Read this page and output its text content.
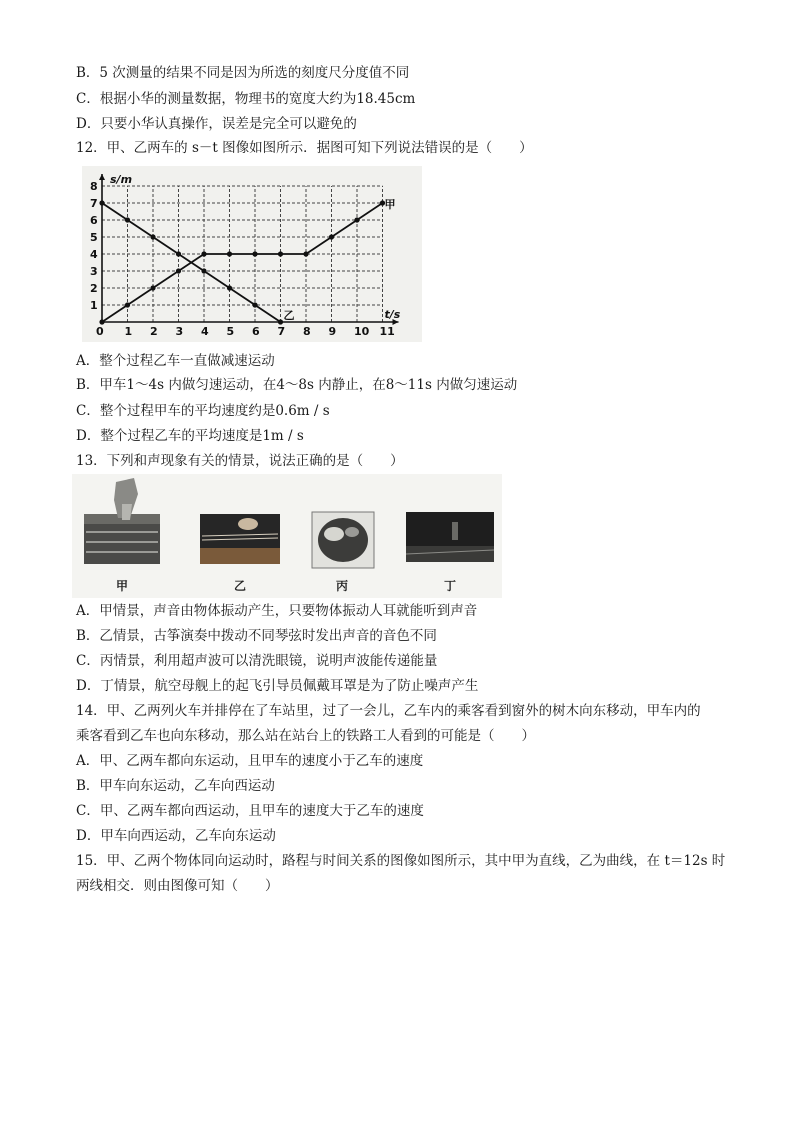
B．5 次测量的结果不同是因为所选的刻度尺分度值不同
C．根据小华的测量数据，物理书的宽度大约为18.45cm
D．只要小华认真操作，误差是完全可以避免的
12．甲、乙两车的 s－t 图像如图所示．据图可知下列说法错误的是（　　）
0 1 2 3 4 5 6 7 8 9 10 11
1
2
3
4
5
6
7
8
s/m
t/s
甲
乙
A．整个过程乙车一直做减速运动
B．甲车1～4s 内做匀速运动，在4～8s 内静止，在8～11s 内做匀速运动
C．整个过程甲车的平均速度约是0.6m / s
D．整个过程乙车的平均速度是1m / s
13．下列和声现象有关的情景，说法正确的是（　　）
甲	乙	丙	丁
A．甲情景，声音由物体振动产生，只要物体振动人耳就能听到声音
B．乙情景，古筝演奏中拨动不同琴弦时发出声音的音色不同
C．丙情景，利用超声波可以清洗眼镜，说明声波能传递能量
D．丁情景，航空母舰上的起飞引导员佩戴耳罩是为了防止噪声产生
14．甲、乙两列火车并排停在了车站里，过了一会儿，乙车内的乘客看到窗外的树木向东移动，甲车内的
乘客看到乙车也向东移动，那么站在站台上的铁路工人看到的可能是（　　）
A．甲、乙两车都向东运动，且甲车的速度小于乙车的速度
B．甲车向东运动，乙车向西运动
C．甲、乙两车都向西运动，且甲车的速度大于乙车的速度
D．甲车向西运动，乙车向东运动
15．甲、乙两个物体同向运动时，路程与时间关系的图像如图所示，其中甲为直线，乙为曲线，在 t＝12s 时
两线相交．则由图像可知（　　）
